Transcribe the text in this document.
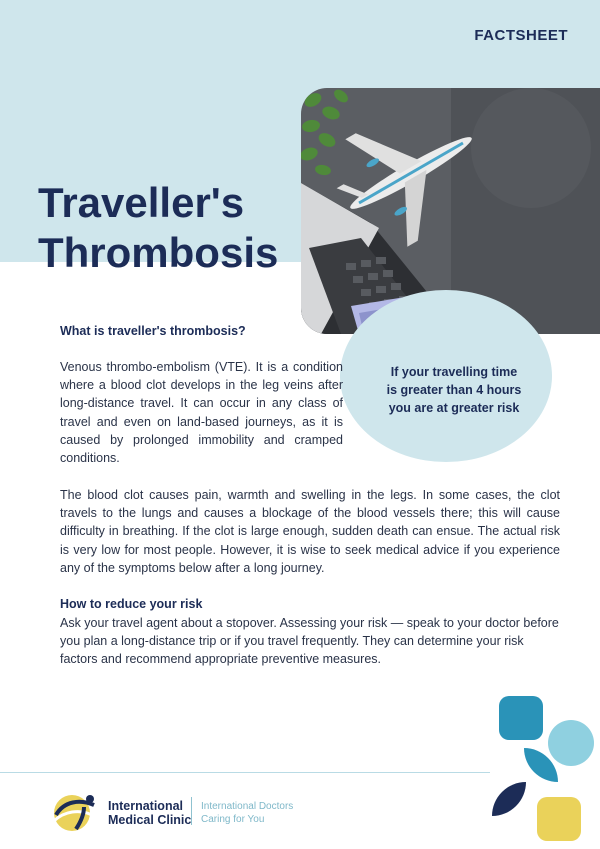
FACTSHEET
Traveller's
Thrombosis
If your travelling time is greater than 4 hours you are at greater risk
What is traveller's thrombosis?
Venous thrombo-embolism (VTE). It is a condition where a blood clot develops in the leg veins after long-distance travel. It can occur in any class of travel and even on land-based journeys, as it is caused by prolonged immobility and cramped conditions.
The blood clot causes pain, warmth and swelling in the legs. In some cases, the clot travels to the lungs and causes a blockage of the blood vessels there; this will cause difficulty in breathing. If the clot is large enough, sudden death can ensue. The actual risk is very low for most people. However, it is wise to seek medical advice if you experience any of the symptoms below after a long journey.
How to reduce your risk
Ask your travel agent about a stopover. Assessing your risk — speak to your doctor before you plan a long-distance trip or if you travel frequently. They can determine your risk factors and recommend appropriate preventive measures.
International
Medical Clinic
International Doctors
Caring for You
